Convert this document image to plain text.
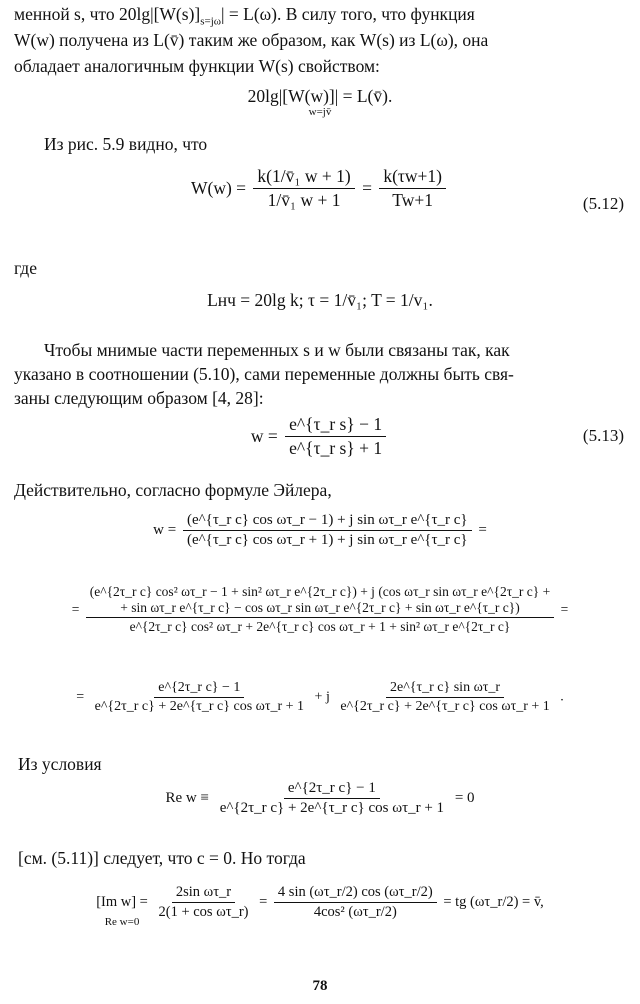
менной s, что $20\lg|[W(s)]_{s=j\omega}| = L(\omega)$. В силу того, что функция
W(w) получена из L(v̄) таким же образом, как W(s) из L(ω), она
обладает аналогичным функции W(s) свойством:
20lg|[W(w)]| = L(v̄).
w=jv̄
Из рис. 5.9 видно, что
$W(w) = \frac{\text{k(1/v̄₁ w + 1)}}{\text{1/v̄₁ w + 1}} = \frac{k(\tau w+1)}{Tw+1}$	(5.12)
где
Lнч = 20lg k; τ = 1/v̄₁; T = 1/v₁.
Чтобы мнимые части переменных s и w были связаны так, как
указано в соотношении (5.10), сами переменные должны быть свя-
заны следующим образом [4, 28]:
$w = \frac{\text{e\textasciicircum{}\{τ\_r s\} − 1}}{\text{e\textasciicircum{}\{τ\_r s\} + 1}}$	(5.13)
Действительно, согласно формуле Эйлера,
$w = \frac{\text{(e\textasciicircum{}\{τ\_r c\} cos ωτ\_r − 1) + j sin ωτ\_r e\textasciicircum{}\{τ\_r c\}}}{\text{(e\textasciicircum{}\{τ\_r c\} cos ωτ\_r + 1) + j sin ωτ\_r e\textasciicircum{}\{τ\_r c\}}}$ =
=
(e^{2τ_r c} cos² ωτ_r − 1 + sin² ωτ_r e^{2τ_r c}) + j (cos ωτ_r sin ωτ_r e^{2τ_r c} +
+ sin ωτ_r e^{τ_r c} − cos ωτ_r sin ωτ_r e^{2τ_r c} + sin ωτ_r e^{τ_r c})
e^{2τ_r c} cos² ωτ_r + 2e^{τ_r c} cos ωτ_r + 1 + sin² ωτ_r e^{2τ_r c}
=
= $\frac{\text{e\textasciicircum{}\{2τ\_r c\} − 1}}{\text{e\textasciicircum{}\{2τ\_r c\} + 2e\textasciicircum{}\{τ\_r c\} cos ωτ\_r + 1}} + j \frac{\text{2e\textasciicircum{}\{τ\_r c\} sin ωτ\_r}}{\text{e\textasciicircum{}\{2τ\_r c\} + 2e\textasciicircum{}\{τ\_r c\} cos ωτ\_r + 1}}$ .
Из условия
Re $w \equiv \frac{\text{e\textasciicircum{}\{2τ\_r c\} − 1}}{\text{e\textasciicircum{}\{2τ\_r c\} + 2e\textasciicircum{}\{τ\_r c\} cos ωτ\_r + 1}} = 0$
[см. (5.11)] следует, что c = 0. Но тогда
[Im w] =
Re w=0

$\frac{\text{2sin ωτ\_r}}{\text{2(1 + cos ωτ\_r)}} = \frac{4 \sin (\omega\tau\_r/2) \cos (\omega\tau\_r/2)}{\text{4cos² (ωτ\_r/2)}}$ = tg (ωτ_r/2) = v̄,
78
